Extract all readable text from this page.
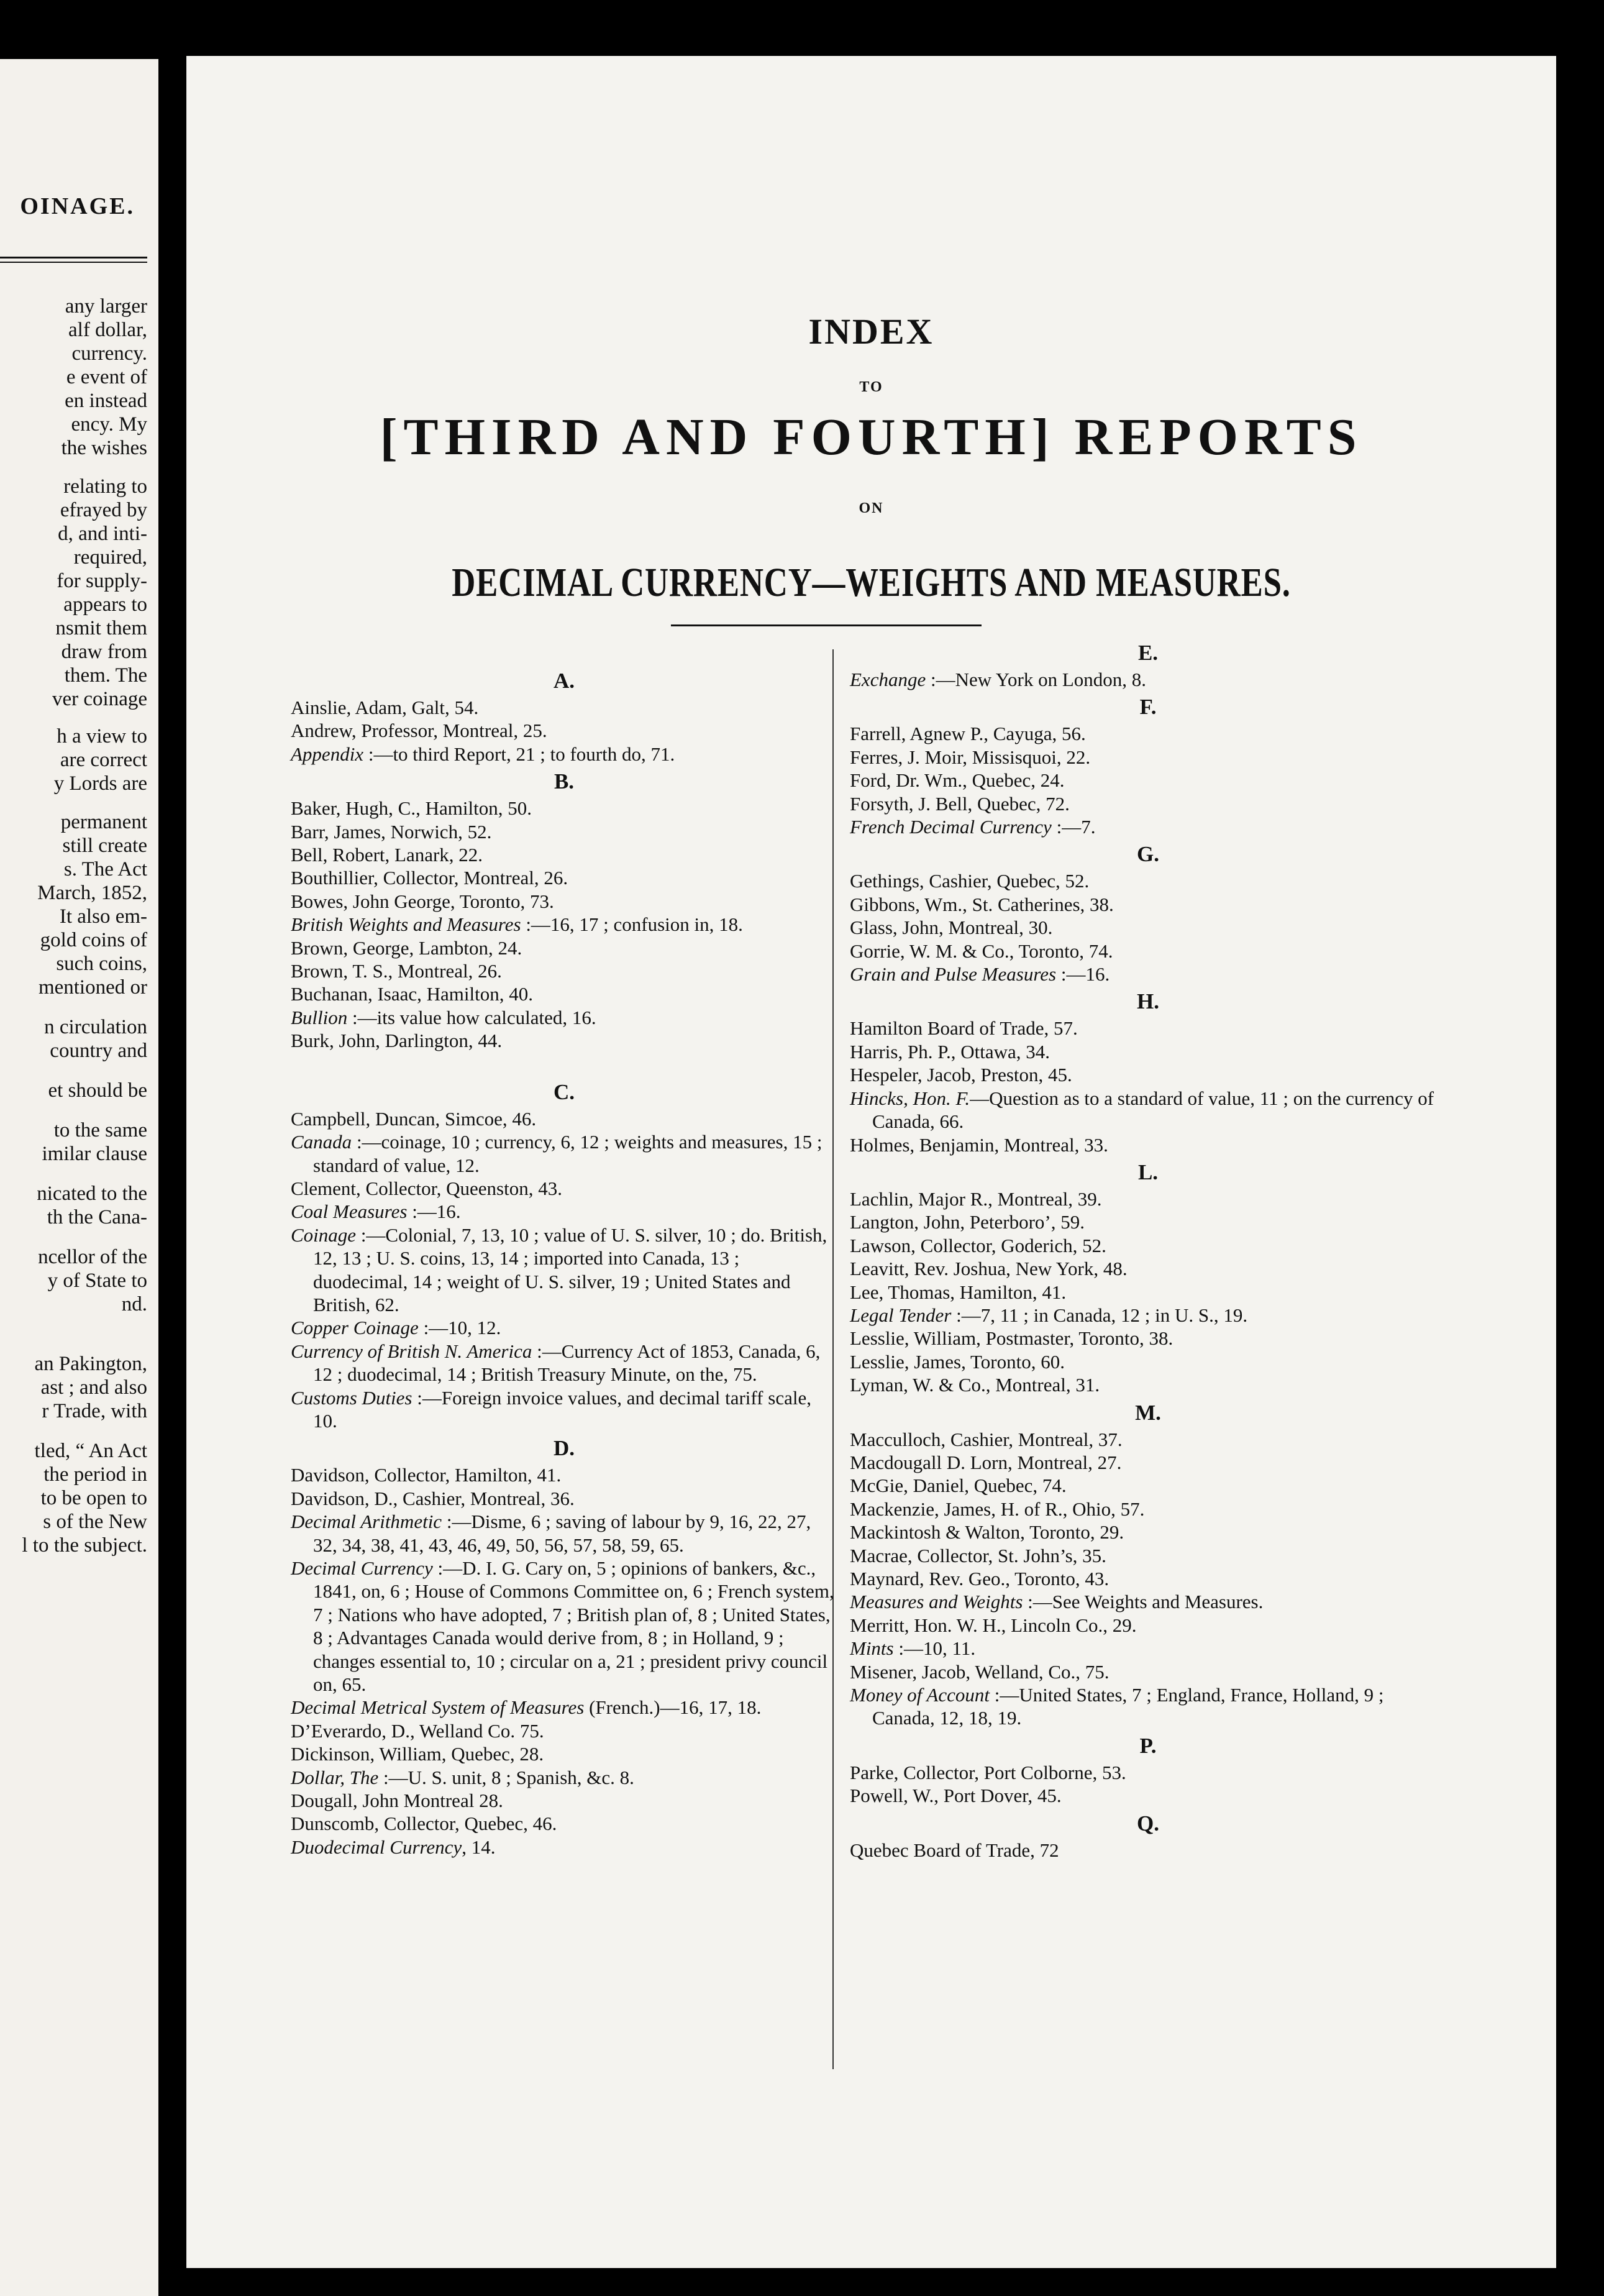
OINAGE.
any larger
alf dollar,
currency.
e event of
en instead
ency. My
the wishes
relating to
efrayed by
d, and inti-
required,
for supply-
appears to
nsmit them
draw from
them. The
ver coinage
h a view to
are correct
y Lords are
permanent
still create
s. The Act
March, 1852,
It also em-
gold coins of
such coins,
mentioned or
n circulation
country and
et should be
to the same
imilar clause
nicated to the
th the Cana-
ncellor of the
y of State to
nd.
an Pakington,
ast ; and also
r Trade, with
tled, “ An Act
the period in
to be open to
s of the New
l to the subject.
INDEX
TO
[THIRD AND FOURTH] REPORTS
ON
DECIMAL CURRENCY—WEIGHTS AND MEASURES.
A.
Ainslie, Adam, Galt, 54.
Andrew, Professor, Montreal, 25.
Appendix :—to third Report, 21 ; to fourth do, 71.
B.
Baker, Hugh, C., Hamilton, 50.
Barr, James, Norwich, 52.
Bell, Robert, Lanark, 22.
Bouthillier, Collector, Montreal, 26.
Bowes, John George, Toronto, 73.
British Weights and Measures :—16, 17 ; confusion in, 18.
Brown, George, Lambton, 24.
Brown, T. S., Montreal, 26.
Buchanan, Isaac, Hamilton, 40.
Bullion :—its value how calculated, 16.
Burk, John, Darlington, 44.
C.
Campbell, Duncan, Simcoe, 46.
Canada :—coinage, 10 ; currency, 6, 12 ; weights and measures, 15 ; standard of value, 12.
Clement, Collector, Queenston, 43.
Coal Measures :—16.
Coinage :—Colonial, 7, 13, 10 ; value of U. S. silver, 10 ; do. British, 12, 13 ; U. S. coins, 13, 14 ; imported into Canada, 13 ; duodecimal, 14 ; weight of U. S. silver, 19 ; United States and British, 62.
Copper Coinage :—10, 12.
Currency of British N. America :—Currency Act of 1853, Canada, 6, 12 ; duodecimal, 14 ; British Treasury Minute, on the, 75.
Customs Duties :—Foreign invoice values, and decimal tariff scale, 10.
D.
Davidson, Collector, Hamilton, 41.
Davidson, D., Cashier, Montreal, 36.
Decimal Arithmetic :—Disme, 6 ; saving of labour by 9, 16, 22, 27, 32, 34, 38, 41, 43, 46, 49, 50, 56, 57, 58, 59, 65.
Decimal Currency :—D. I. G. Cary on, 5 ; opinions of bankers, &c., 1841, on, 6 ; House of Commons Committee on, 6 ; French system, 7 ; Nations who have adopted, 7 ; British plan of, 8 ; United States, 8 ; Advantages Canada would derive from, 8 ; in Holland, 9 ; changes essential to, 10 ; circular on a, 21 ; president privy council on, 65.
Decimal Metrical System of Measures (French.)—16, 17, 18.
D’Everardo, D., Welland Co. 75.
Dickinson, William, Quebec, 28.
Dollar, The :—U. S. unit, 8 ; Spanish, &c. 8.
Dougall, John Montreal 28.
Dunscomb, Collector, Quebec, 46.
Duodecimal Currency, 14.
E.
Exchange :—New York on London, 8.
F.
Farrell, Agnew P., Cayuga, 56.
Ferres, J. Moir, Missisquoi, 22.
Ford, Dr. Wm., Quebec, 24.
Forsyth, J. Bell, Quebec, 72.
French Decimal Currency :—7.
G.
Gethings, Cashier, Quebec, 52.
Gibbons, Wm., St. Catherines, 38.
Glass, John, Montreal, 30.
Gorrie, W. M. & Co., Toronto, 74.
Grain and Pulse Measures :—16.
H.
Hamilton Board of Trade, 57.
Harris, Ph. P., Ottawa, 34.
Hespeler, Jacob, Preston, 45.
Hincks, Hon. F.—Question as to a standard of value, 11 ; on the currency of Canada, 66.
Holmes, Benjamin, Montreal, 33.
L.
Lachlin, Major R., Montreal, 39.
Langton, John, Peterboro’, 59.
Lawson, Collector, Goderich, 52.
Leavitt, Rev. Joshua, New York, 48.
Lee, Thomas, Hamilton, 41.
Legal Tender :—7, 11 ; in Canada, 12 ; in U. S., 19.
Lesslie, William, Postmaster, Toronto, 38.
Lesslie, James, Toronto, 60.
Lyman, W. & Co., Montreal, 31.
M.
Macculloch, Cashier, Montreal, 37.
Macdougall D. Lorn, Montreal, 27.
McGie, Daniel, Quebec, 74.
Mackenzie, James, H. of R., Ohio, 57.
Mackintosh & Walton, Toronto, 29.
Macrae, Collector, St. John’s, 35.
Maynard, Rev. Geo., Toronto, 43.
Measures and Weights :—See Weights and Measures.
Merritt, Hon. W. H., Lincoln Co., 29.
Mints :—10, 11.
Misener, Jacob, Welland, Co., 75.
Money of Account :—United States, 7 ; England, France, Holland, 9 ; Canada, 12, 18, 19.
P.
Parke, Collector, Port Colborne, 53.
Powell, W., Port Dover, 45.
Q.
Quebec Board of Trade, 72
